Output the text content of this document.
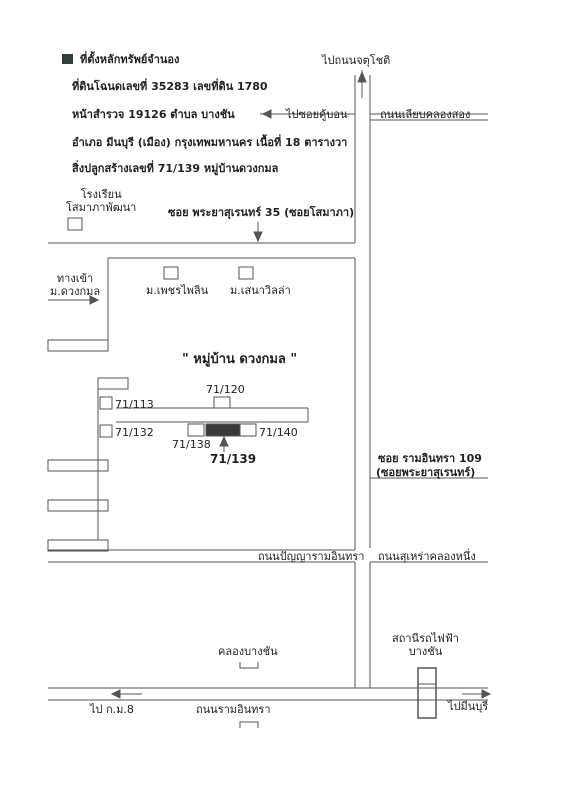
ที่ตั้งหลักทรัพย์จำนอง
ที่ดินโฉนดเลขที่ 35283 เลขที่ดิน 1780
หน้าสำรวจ 19126 ตำบล บางชัน
อำเภอ มีนบุรี (เมือง) กรุงเทพมหานคร เนื้อที่ 18 ตารางวา
สิ่งปลูกสร้างเลขที่ 71/139 หมู่บ้านดวงกมล
ไปถนนจตุโชติ
ไปซอยคู้บอน	ถนนเลียบคลองสอง
โรงเรียน
โสมาภาพัฒนา	ซอย พระยาสุเรนทร์ 35 (ซอยโสมาภา)
ทางเข้า
ม.ดวงกมล	ม.เพชรไพลิน ม.เสนาวิลล่า
" หมู่บ้าน ดวงกมล "
71/120
71/113
71/132
71/138
71/140
71/139	ซอย รามอินทรา 109
(ซอยพระยาสุเรนทร์)
ถนนปัญญารามอินทรา ถนนสุเหร่าคลองหนึ่ง
คลองบางชัน
สถานีรถไฟฟ้า
บางชัน
ไป ก.ม.8	ถนนรามอินทรา	ไปมีนบุรี
